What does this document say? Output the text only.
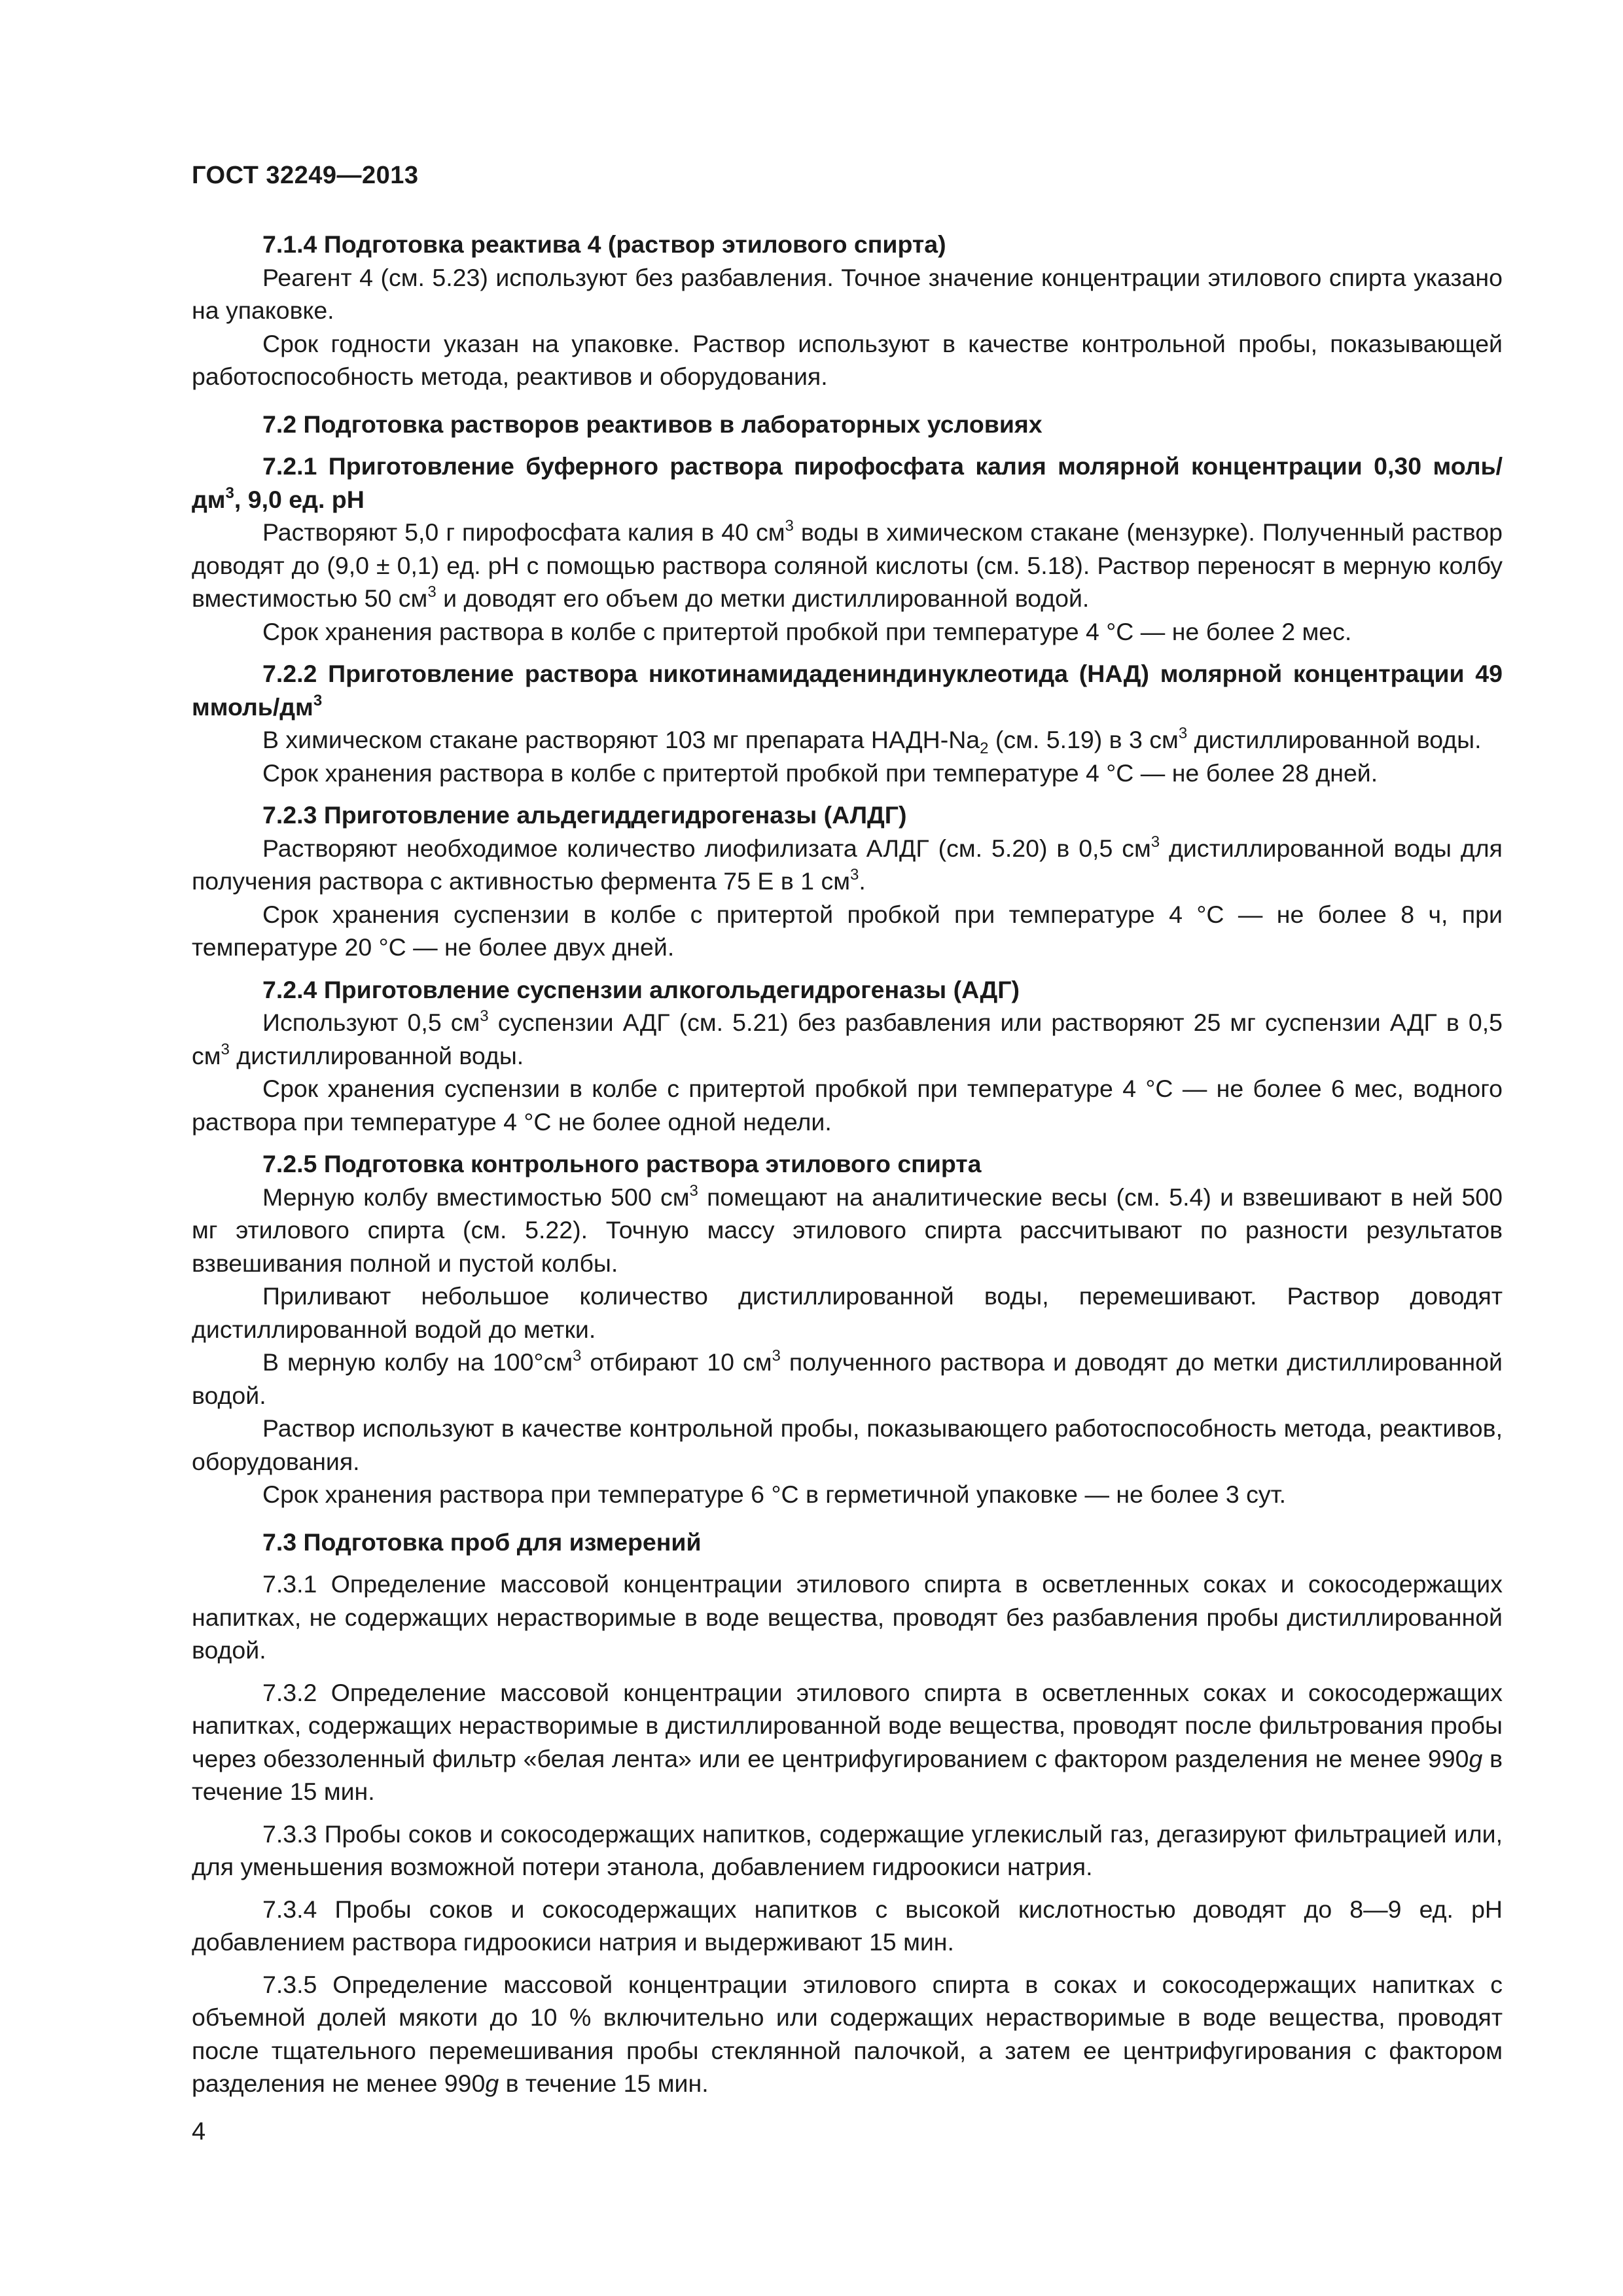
ГОСТ 32249—2013

7.1.4 Подготовка реактива 4 (раствор этилового спирта)

Реагент 4 (см. 5.23) используют без разбавления. Точное значение концентрации этилового спирта указано на упаковке.

Срок годности указан на упаковке. Раствор используют в качестве контрольной пробы, показывающей работоспособность метода, реактивов и оборудования.

7.2 Подготовка растворов реактивов в лабораторных условиях

7.2.1 Приготовление буферного раствора пирофосфата калия молярной концентрации 0,30 моль/$дм^3$, 9,0 ед. pH

Растворяют 5,0 г пирофосфата калия в 40 $см^3$ воды в химическом стакане (мензурке). Полученный раствор доводят до (9,0 ± 0,1) ед. pH с помощью раствора соляной кислоты (см. 5.18). Раствор переносят в мерную колбу вместимостью 50 $см^3$ и доводят его объем до метки дистиллированной водой.

Срок хранения раствора в колбе с притертой пробкой при температуре 4 °С — не более 2 мес.

7.2.2 Приготовление раствора никотинамидадениндинуклеотида (НАД) молярной концентрации 49 ммоль/$дм^3$

В химическом стакане растворяют 103 мг препарата НАДН-$Na_2$ (см. 5.19) в 3 $см^3$ дистиллированной воды.

Срок хранения раствора в колбе с притертой пробкой при температуре 4 °С — не более 28 дней.

7.2.3 Приготовление альдегиддегидрогеназы (АЛДГ)

Растворяют необходимое количество лиофилизата АЛДГ (см. 5.20) в 0,5 $см^3$ дистиллированной воды для получения раствора с активностью фермента 75 Е в 1 $см^3$.

Срок хранения суспензии в колбе с притертой пробкой при температуре 4 °С — не более 8 ч, при температуре 20 °С — не более двух дней.

7.2.4 Приготовление суспензии алкогольдегидрогеназы (АДГ)

Используют 0,5 $см^3$ суспензии АДГ (см. 5.21) без разбавления или растворяют 25 мг суспензии АДГ в 0,5 $см^3$ дистиллированной воды.

Срок хранения суспензии в колбе с притертой пробкой при температуре 4 °С — не более 6 мес, водного раствора при температуре 4 °С не более одной недели.

7.2.5 Подготовка контрольного раствора этилового спирта

Мерную колбу вместимостью 500 $см^3$ помещают на аналитические весы (см. 5.4) и взвешивают в ней 500 мг этилового спирта (см. 5.22). Точную массу этилового спирта рассчитывают по разности результатов взвешивания полной и пустой колбы.

Приливают небольшое количество дистиллированной воды, перемешивают. Раствор доводят дистиллированной водой до метки.

В мерную колбу на $100^\circ см^3$ отбирают 10 $см^3$ полученного раствора и доводят до метки дистиллированной водой.

Раствор используют в качестве контрольной пробы, показывающего работоспособность метода, реактивов, оборудования.

Срок хранения раствора при температуре 6 °С в герметичной упаковке — не более 3 сут.

7.3 Подготовка проб для измерений

7.3.1 Определение массовой концентрации этилового спирта в осветленных соках и сокосодержащих напитках, не содержащих нерастворимые в воде вещества, проводят без разбавления пробы дистиллированной водой.

7.3.2 Определение массовой концентрации этилового спирта в осветленных соках и сокосодержащих напитках, содержащих нерастворимые в дистиллированной воде вещества, проводят после фильтрования пробы через обеззоленный фильтр «белая лента» или ее центрифугированием с фактором разделения не менее 990g в течение 15 мин.

7.3.3 Пробы соков и сокосодержащих напитков, содержащие углекислый газ, дегазируют фильтрацией или, для уменьшения возможной потери этанола, добавлением гидроокиси натрия.

7.3.4 Пробы соков и сокосодержащих напитков с высокой кислотностью доводят до 8—9 ед. pH добавлением раствора гидроокиси натрия и выдерживают 15 мин.

7.3.5 Определение массовой концентрации этилового спирта в соках и сокосодержащих напитках с объемной долей мякоти до 10 % включительно или содержащих нерастворимые в воде вещества, проводят после тщательного перемешивания пробы стеклянной палочкой, а затем ее центрифугирования с фактором разделения не менее 990g в течение 15 мин.

4
